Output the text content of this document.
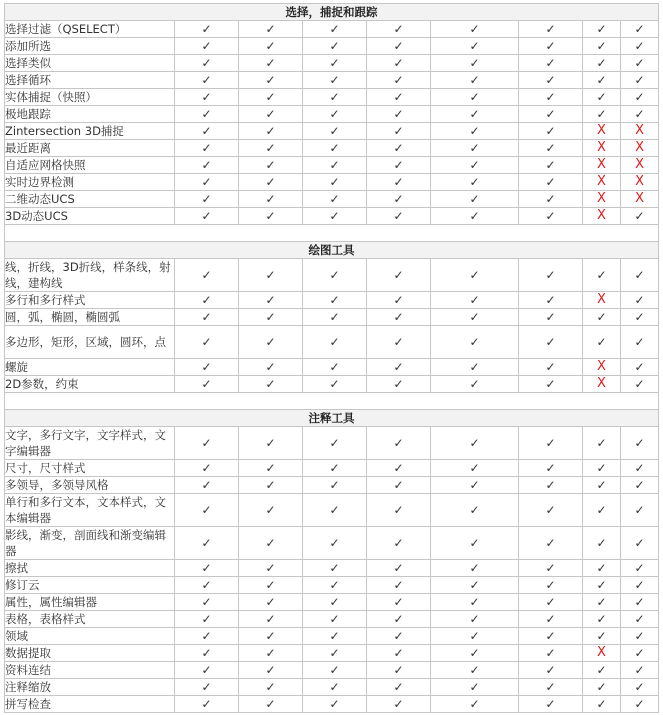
选择，捕捉和跟踪								
选择过滤（QSELECT）	✓	✓	✓	✓	✓	✓	✓	✓
添加所选	✓	✓	✓	✓	✓	✓	✓	✓
选择类似	✓	✓	✓	✓	✓	✓	✓	✓
选择循环	✓	✓	✓	✓	✓	✓	✓	✓
实体捕捉（快照）	✓	✓	✓	✓	✓	✓	✓	✓
极地跟踪	✓	✓	✓	✓	✓	✓	✓	✓
Zintersection 3D捕捉	✓	✓	✓	✓	✓	✓	X	X
最近距离	✓	✓	✓	✓	✓	✓	X	X
自适应网格快照	✓	✓	✓	✓	✓	✓	X	X
实时边界检测	✓	✓	✓	✓	✓	✓	X	X
二维动态UCS	✓	✓	✓	✓	✓	✓	X	X
3D动态UCS	✓	✓	✓	✓	✓	✓	X	✓

绘图工具								
线，折线，3D折线，样条线，射线，建构线	✓	✓	✓	✓	✓	✓	✓	✓
多行和多行样式	✓	✓	✓	✓	✓	✓	X	✓
圆，弧，椭圆，椭圆弧	✓	✓	✓	✓	✓	✓	✓	✓
多边形，矩形，区域，圆环，点	✓	✓	✓	✓	✓	✓	✓	✓
螺旋	✓	✓	✓	✓	✓	✓	X	✓
2D参数，约束	✓	✓	✓	✓	✓	✓	X	✓

注释工具								
文字，多行文字，文字样式，文字编辑器	✓	✓	✓	✓	✓	✓	✓	✓
尺寸，尺寸样式	✓	✓	✓	✓	✓	✓	✓	✓
多领导，多领导风格	✓	✓	✓	✓	✓	✓	✓	✓
单行和多行文本，文本样式，文本编辑器	✓	✓	✓	✓	✓	✓	✓	✓
影线，渐变，剖面线和渐变编辑器	✓	✓	✓	✓	✓	✓	✓	✓
擦拭	✓	✓	✓	✓	✓	✓	✓	✓
修订云	✓	✓	✓	✓	✓	✓	✓	✓
属性，属性编辑器	✓	✓	✓	✓	✓	✓	✓	✓
表格，表格样式	✓	✓	✓	✓	✓	✓	✓	✓
领域	✓	✓	✓	✓	✓	✓	✓	✓
数据提取	✓	✓	✓	✓	✓	✓	X	✓
资料连结	✓	✓	✓	✓	✓	✓	✓	✓
注释缩放	✓	✓	✓	✓	✓	✓	✓	✓
拼写检查	✓	✓	✓	✓	✓	✓	✓	✓
